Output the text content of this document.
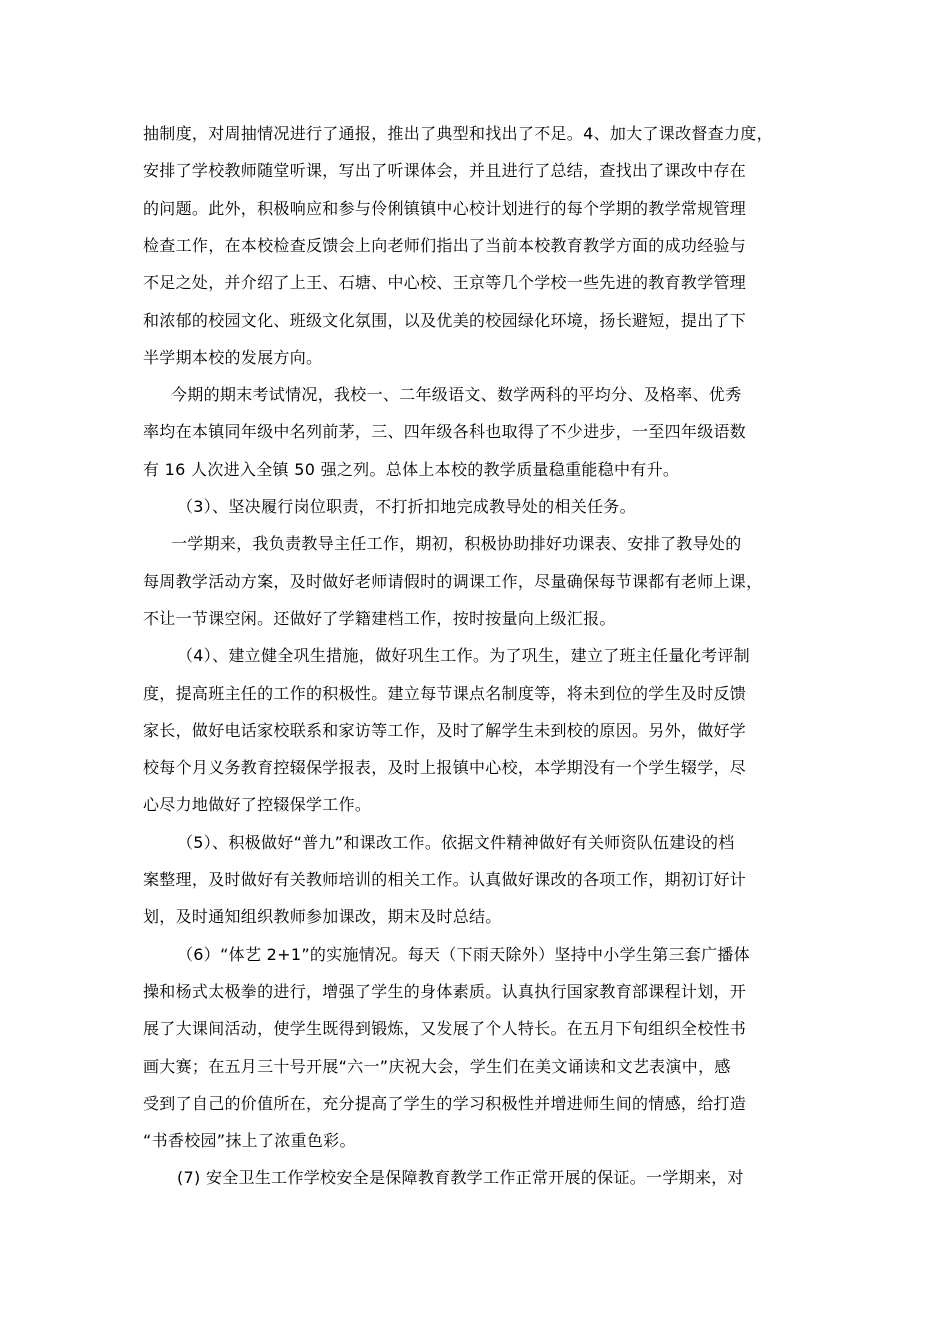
抽制度，对周抽情况进行了通报，推出了典型和找出了不足。4、加大了课改督查力度，
安排了学校教师随堂听课，写出了听课体会，并且进行了总结，查找出了课改中存在
的问题。此外，积极响应和参与伶俐镇镇中心校计划进行的每个学期的教学常规管理
检查工作，在本校检查反馈会上向老师们指出了当前本校教育教学方面的成功经验与
不足之处，并介绍了上王、石塘、中心校、王京等几个学校一些先进的教育教学管理
和浓郁的校园文化、班级文化氛围，以及优美的校园绿化环境，扬长避短，提出了下
半学期本校的发展方向。
今期的期末考试情况，我校一、二年级语文、数学两科的平均分、及格率、优秀
率均在本镇同年级中名列前茅，三、四年级各科也取得了不少进步，一至四年级语数
有 16 人次进入全镇 50 强之列。总体上本校的教学质量稳重能稳中有升。
（3）、坚决履行岗位职责，不打折扣地完成教导处的相关任务。
一学期来，我负责教导主任工作，期初，积极协助排好功课表、安排了教导处的
每周教学活动方案，及时做好老师请假时的调课工作，尽量确保每节课都有老师上课，
不让一节课空闲。还做好了学籍建档工作，按时按量向上级汇报。
（4）、建立健全巩生措施，做好巩生工作。为了巩生，建立了班主任量化考评制
度，提高班主任的工作的积极性。建立每节课点名制度等，将未到位的学生及时反馈
家长，做好电话家校联系和家访等工作，及时了解学生未到校的原因。另外，做好学
校每个月义务教育控辍保学报表，及时上报镇中心校，本学期没有一个学生辍学，尽
心尽力地做好了控辍保学工作。
（5）、积极做好“普九”和课改工作。依据文件精神做好有关师资队伍建设的档
案整理，及时做好有关教师培训的相关工作。认真做好课改的各项工作，期初订好计
划，及时通知组织教师参加课改，期末及时总结。
（6）“体艺 2+1”的实施情况。每天（下雨天除外）坚持中小学生第三套广播体
操和杨式太极拳的进行，增强了学生的身体素质。认真执行国家教育部课程计划，开
展了大课间活动，使学生既得到锻炼，又发展了个人特长。在五月下旬组织全校性书
画大赛；在五月三十号开展“六一”庆祝大会，学生们在美文诵读和文艺表演中，感
受到了自己的价值所在，充分提高了学生的学习积极性并增进师生间的情感，给打造
“书香校园”抹上了浓重色彩。
(7) 安全卫生工作学校安全是保障教育教学工作正常开展的保证。一学期来，对
